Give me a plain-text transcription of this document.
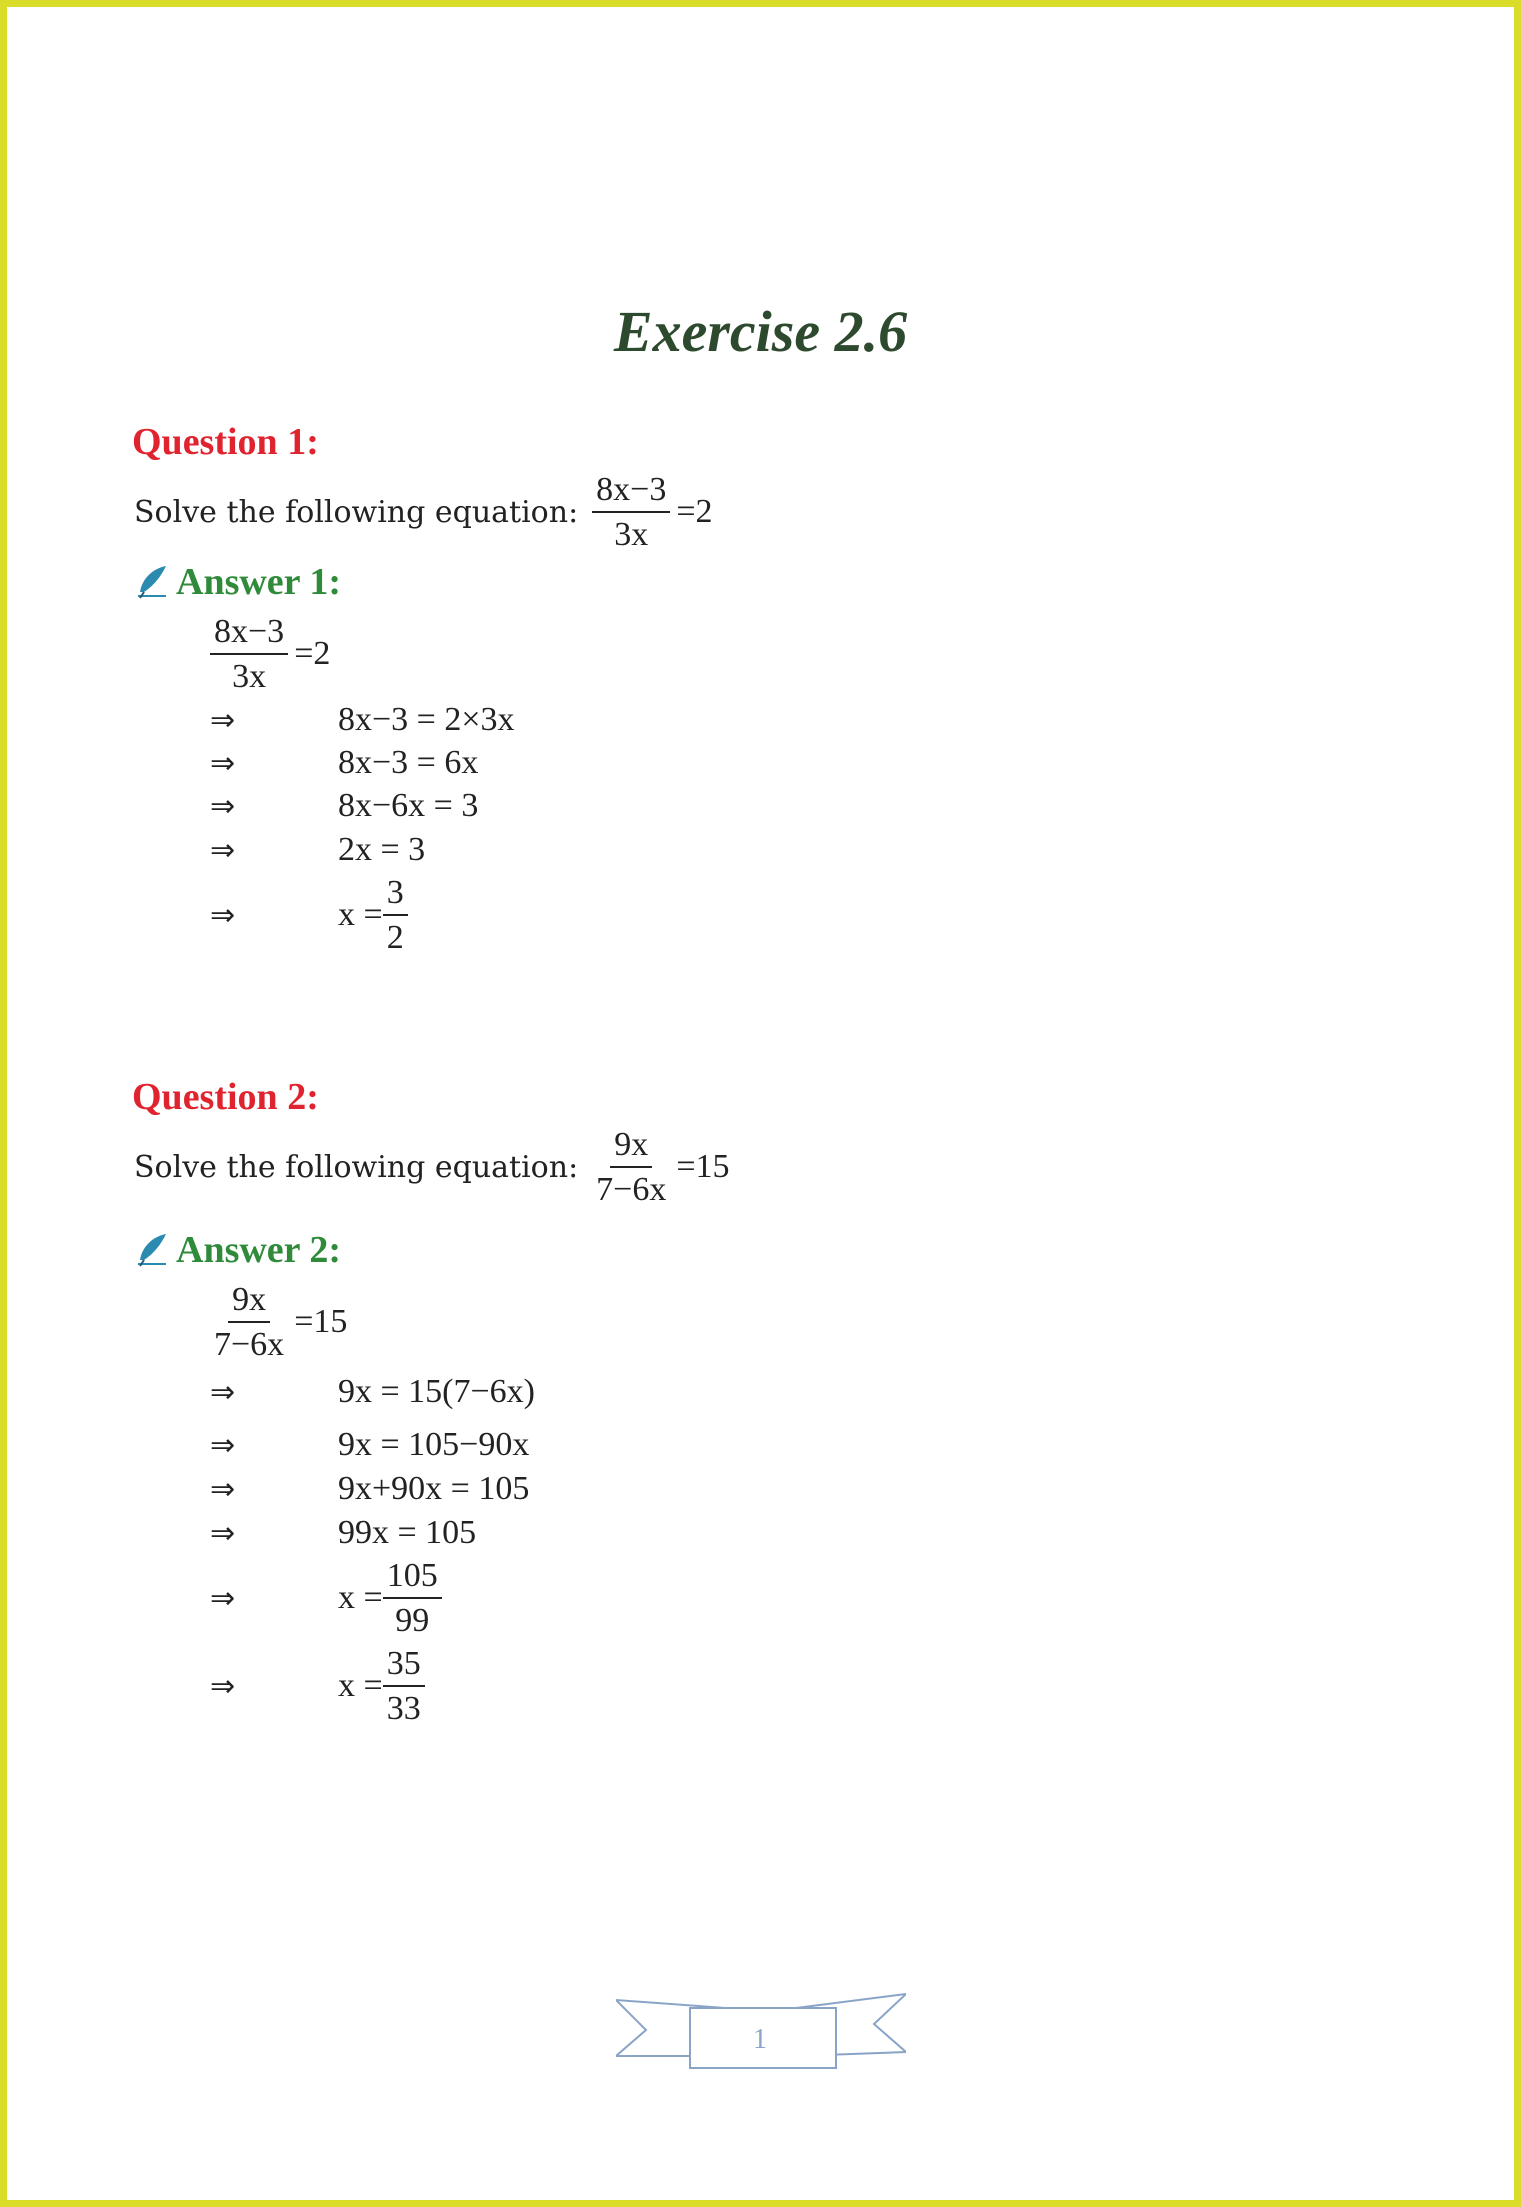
Exercise 2.6
Question 1:
Solve the following equation: $\frac{8x-3}{3x} =2$
Answer 1:
$\frac{8x-3}{3x} =2$
⇒	8x−3 = 2×3x
⇒	8x−3 = 6x
⇒	8x−6x = 3
⇒	2x = 3
⇒	$x = \frac{3}{2}$
Question 2:
Solve the following equation: $\frac{9x}{7-6x} =15$
Answer 2:
$\frac{9x}{7-6x} =15$
⇒	9x = 15(7−6x)
⇒	9x = 105−90x
⇒	9x+90x = 105
⇒	99x = 105
⇒	$x = \frac{105}{99}$
⇒	$x = \frac{35}{33}$
1
